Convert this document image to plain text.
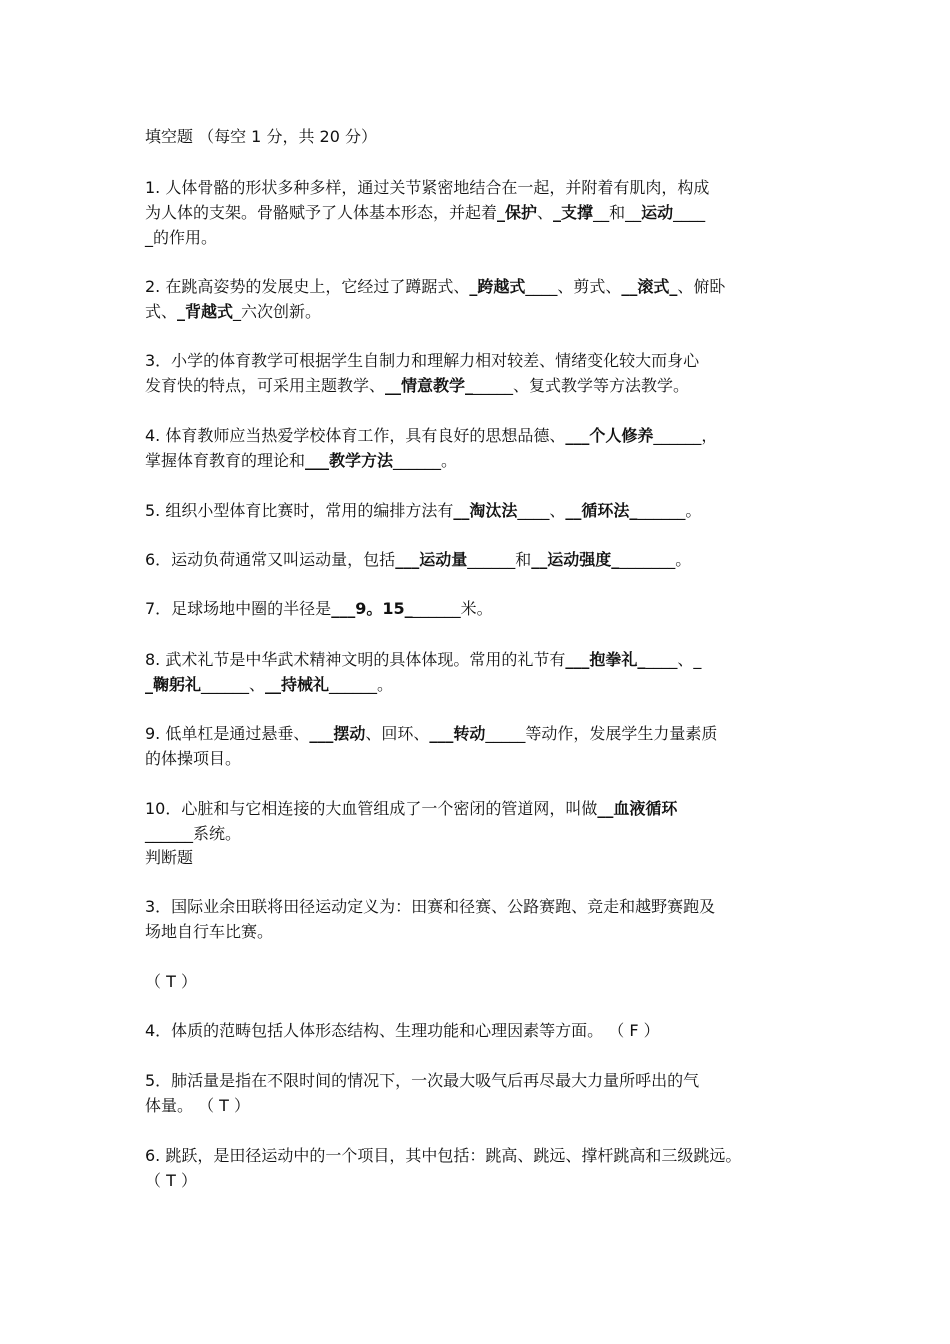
填空题 （每空 1 分，共 20 分）

1. 人体骨骼的形状多种多样，通过关节紧密地结合在一起，并附着有肌肉，构成

为人体的支架。骨骼赋予了人体基本形态，并起着_保护、_支撑__和__运动____

_的作用。

2. 在跳高姿势的发展史上，它经过了蹲踞式、_跨越式____、剪式、__滚式_、俯卧

式、_背越式_六次创新。

3．小学的体育教学可根据学生自制力和理解力相对较差、情绪变化较大而身心

发育快的特点，可采用主题教学、__情意教学______、复式教学等方法教学。

4. 体育教师应当热爱学校体育工作，具有良好的思想品德、___个人修养______，

掌握体育教育的理论和___教学方法______。

5. 组织小型体育比赛时，常用的编排方法有__淘汰法____、__循环法_______。

6．运动负荷通常又叫运动量，包括___运动量______和__运动强度________。

7．足球场地中圈的半径是___9。15_______米。

8. 武术礼节是中华武术精神文明的具体体现。常用的礼节有___抱拳礼_____、_

_鞠躬礼______、__持械礼______。

9. 低单杠是通过悬垂、___摆动、回环、___转动_____等动作，发展学生力量素质

的体操项目。

10．心脏和与它相连接的大血管组成了一个密闭的管道网，叫做__血液循环

______系统。

判断题

3．国际业余田联将田径运动定义为：田赛和径赛、公路赛跑、竞走和越野赛跑及

场地自行车比赛。

（ T ）

4．体质的范畴包括人体形态结构、生理功能和心理因素等方面。 （ F ）

5．肺活量是指在不限时间的情况下，一次最大吸气后再尽最大力量所呼出的气

体量。 （ T ）

6. 跳跃，是田径运动中的一个项目，其中包括：跳高、跳远、撑杆跳高和三级跳远。

（ T ）
